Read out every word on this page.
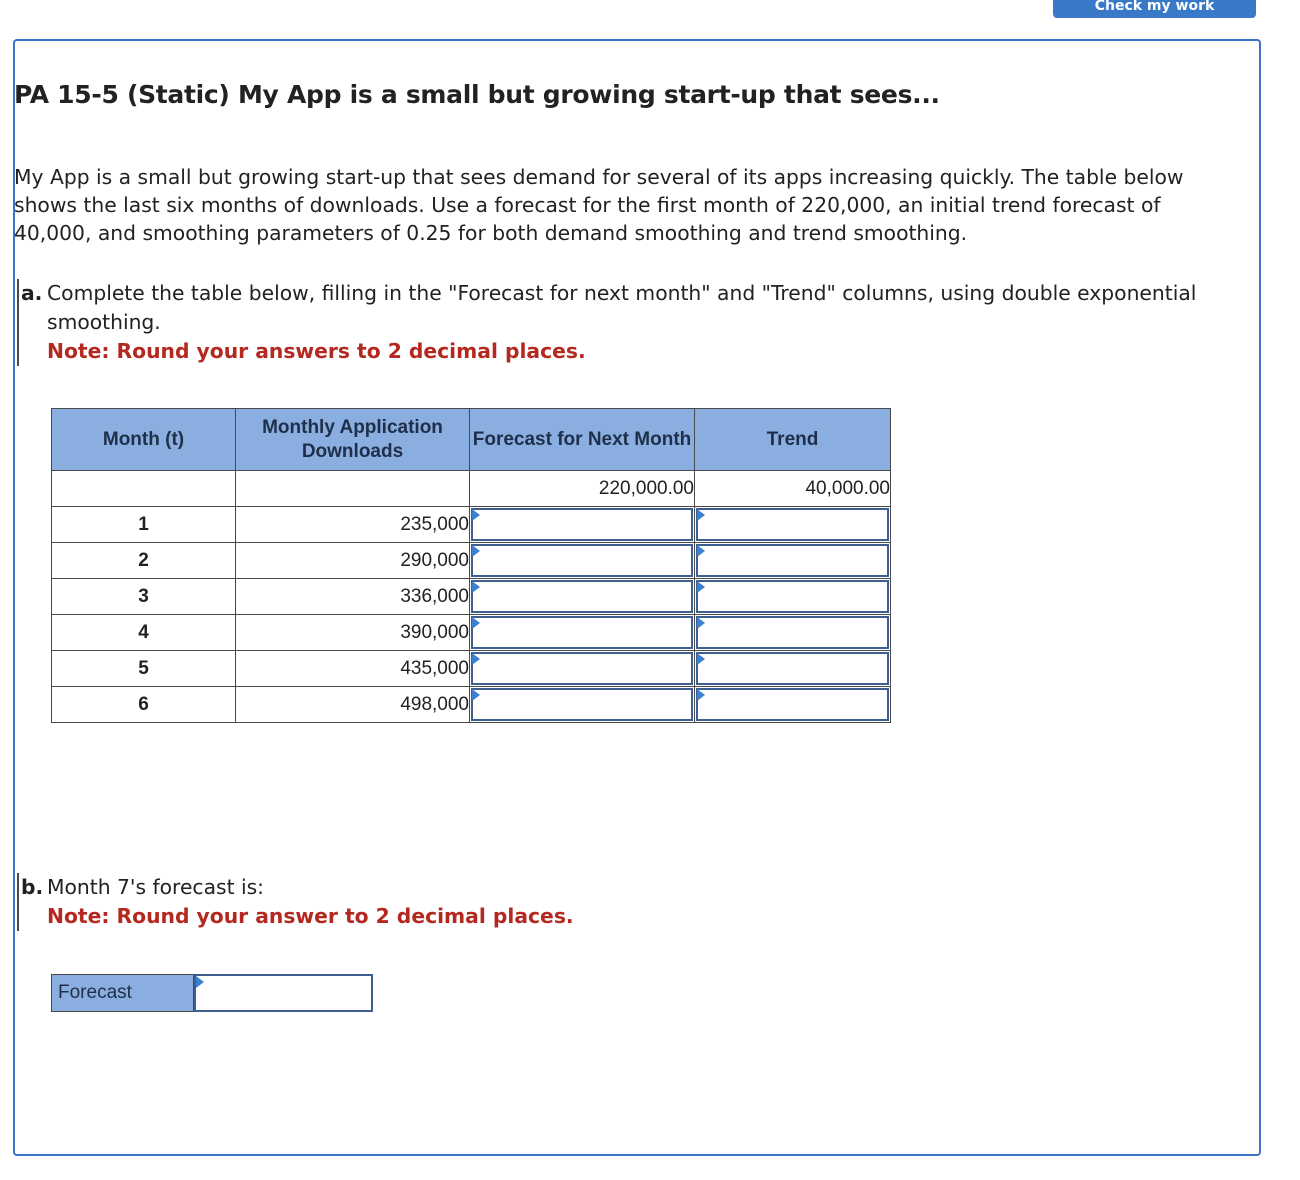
Check my work
PA 15-5 (Static) My App is a small but growing start-up that sees...

My App is a small but growing start-up that sees demand for several of its apps increasing quickly. The table below shows the last six months of downloads. Use a forecast for the first month of 220,000, an initial trend forecast of 40,000, and smoothing parameters of 0.25 for both demand smoothing and trend smoothing.

a. Complete the table below, filling in the "Forecast for next month" and "Trend" columns, using double exponential smoothing.
Note: Round your answers to 2 decimal places.
Month (t)	Monthly Application Downloads	Forecast for Next Month	Trend
		220,000.00	40,000.00
1	235,000	

2	290,000	

3	336,000	

4	390,000	

5	435,000	

6	498,000	

b. Month 7's forecast is:
Note: Round your answer to 2 decimal places.
Forecast
